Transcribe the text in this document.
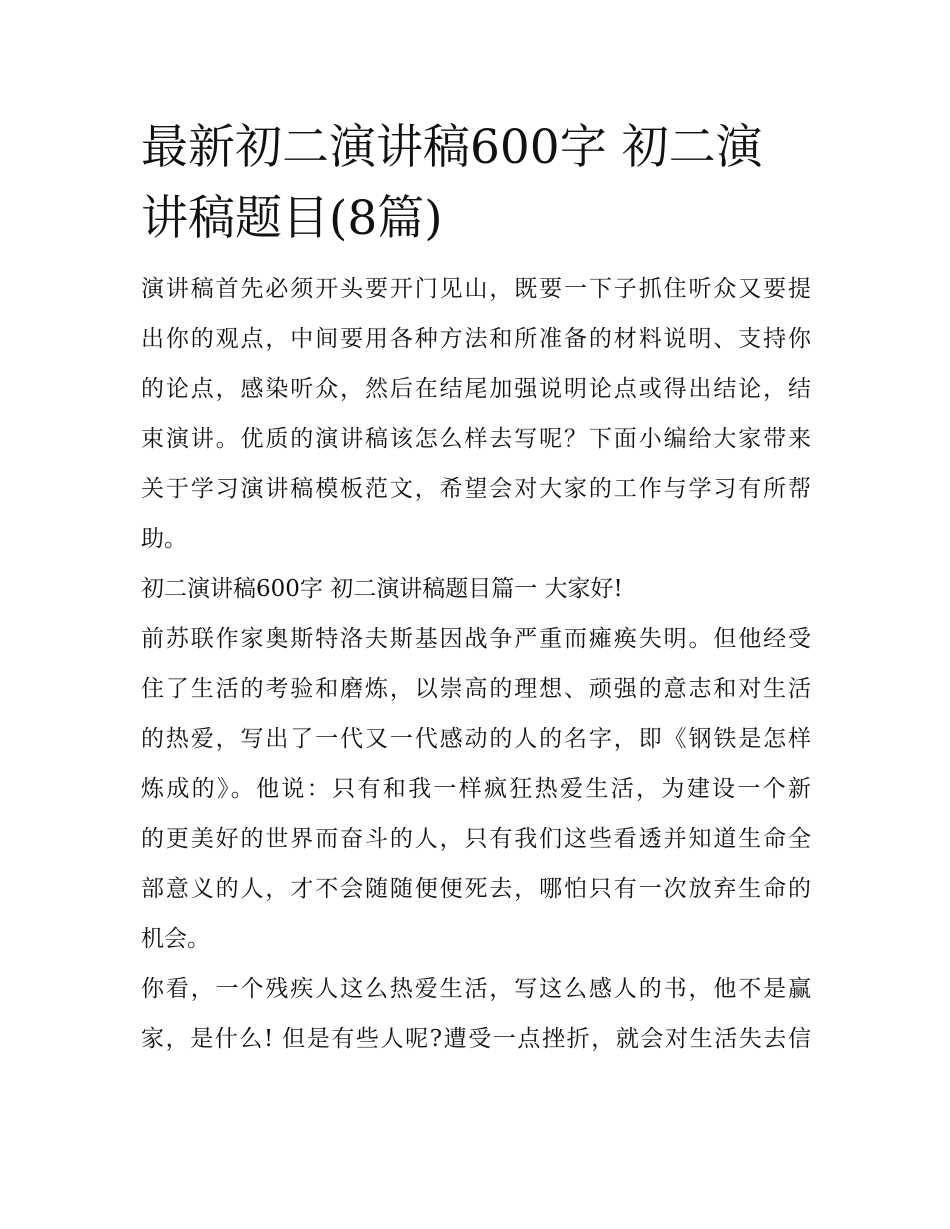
最新初二演讲稿600字 初二演
讲稿题目(8篇)

演讲稿首先必须开头要开门见山，既要一下子抓住听众又要提
出你的观点，中间要用各种方法和所准备的材料说明、支持你
的论点，感染听众，然后在结尾加强说明论点或得出结论，结
束演讲。优质的演讲稿该怎么样去写呢？下面小编给大家带来
关于学习演讲稿模板范文，希望会对大家的工作与学习有所帮
助。

初二演讲稿600字 初二演讲稿题目篇一 大家好!

前苏联作家奥斯特洛夫斯基因战争严重而瘫痪失明。但他经受
住了生活的考验和磨炼，以崇高的理想、顽强的意志和对生活
的热爱，写出了一代又一代感动的人的名字，即《钢铁是怎样
炼成的》。他说：只有和我一样疯狂热爱生活，为建设一个新
的更美好的世界而奋斗的人，只有我们这些看透并知道生命全
部意义的人，才不会随随便便死去，哪怕只有一次放弃生命的
机会。

你看，一个残疾人这么热爱生活，写这么感人的书，他不是赢
家，是什么! 但是有些人呢?遭受一点挫折，就会对生活失去信
